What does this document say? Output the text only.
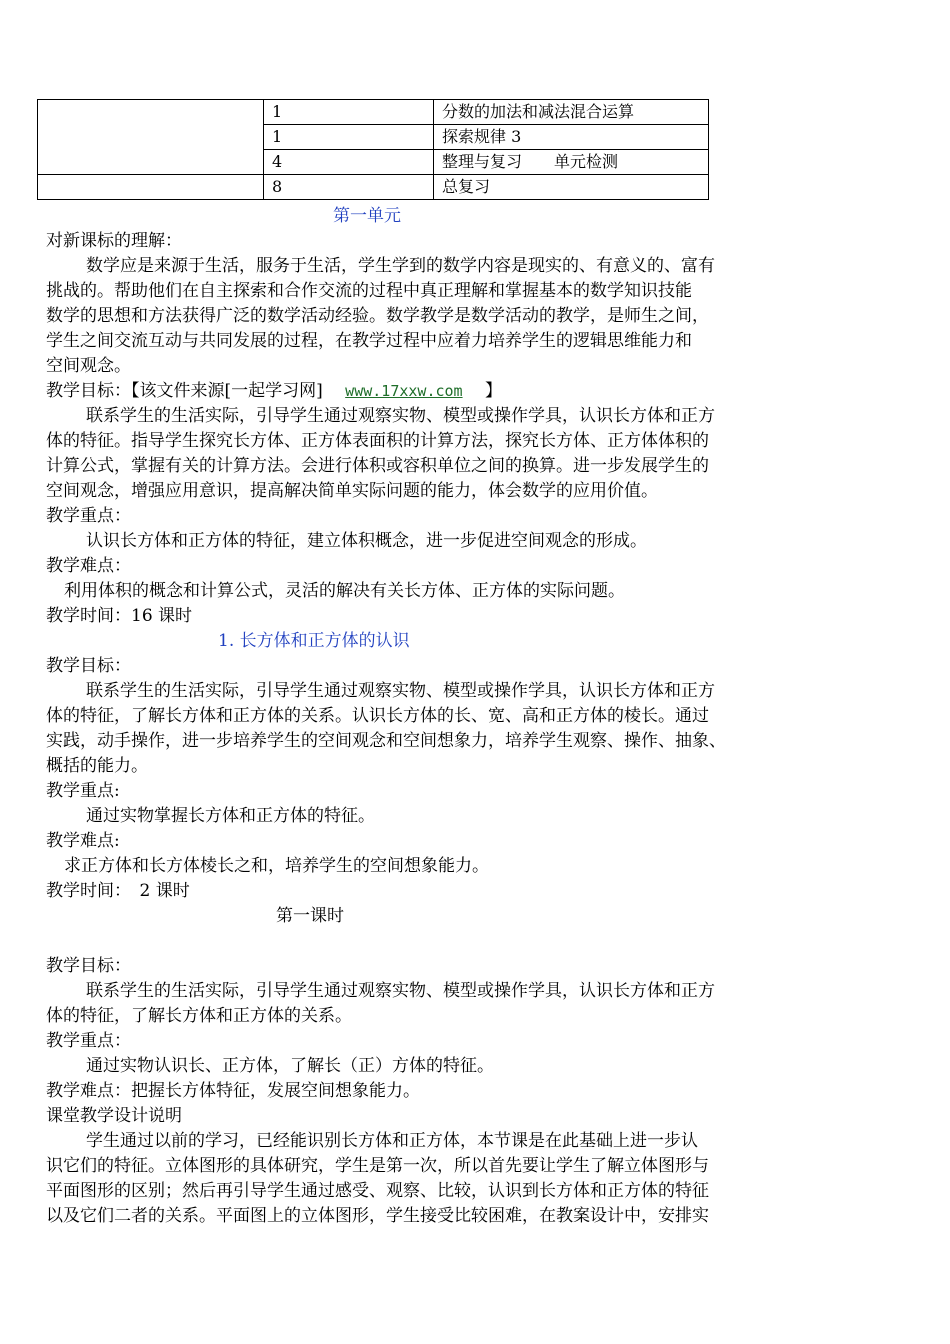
	1	分数的加法和减法混合运算
	1	探索规律 3
	4	整理与复习　　单元检测
	8	总复习
第一单元
对新课标的理解：
数学应是来源于生活，服务于生活，学生学到的数学内容是现实的、有意义的、富有
挑战的。帮助他们在自主探索和合作交流的过程中真正理解和掌握基本的数学知识技能
数学的思想和方法获得广泛的数学活动经验。数学教学是数学活动的教学，是师生之间，
学生之间交流互动与共同发展的过程，在教学过程中应着力培养学生的逻辑思维能力和
空间观念。
教学目标：【该文件来源[一起学习网]　 www.17xxw.com　 】
联系学生的生活实际，引导学生通过观察实物、模型或操作学具，认识长方体和正方
体的特征。指导学生探究长方体、正方体表面积的计算方法，探究长方体、正方体体积的
计算公式，掌握有关的计算方法。会进行体积或容积单位之间的换算。进一步发展学生的
空间观念，增强应用意识，提高解决简单实际问题的能力，体会数学的应用价值。
教学重点：
认识长方体和正方体的特征，建立体积概念，进一步促进空间观念的形成。
教学难点：
利用体积的概念和计算公式，灵活的解决有关长方体、正方体的实际问题。
教学时间：16 课时
1. 长方体和正方体的认识
教学目标：
联系学生的生活实际，引导学生通过观察实物、模型或操作学具，认识长方体和正方
体的特征，了解长方体和正方体的关系。认识长方体的长、宽、高和正方体的棱长。通过
实践，动手操作，进一步培养学生的空间观念和空间想象力，培养学生观察、操作、抽象、
概括的能力。
教学重点:
通过实物掌握长方体和正方体的特征。
教学难点:
求正方体和长方体棱长之和，培养学生的空间想象能力。
教学时间：　2 课时
第一课时
教学目标：
联系学生的生活实际，引导学生通过观察实物、模型或操作学具，认识长方体和正方
体的特征，了解长方体和正方体的关系。
教学重点：
通过实物认识长、正方体，了解长（正）方体的特征。
教学难点：把握长方体特征，发展空间想象能力。
课堂教学设计说明
学生通过以前的学习，已经能识别长方体和正方体，本节课是在此基础上进一步认
识它们的特征。立体图形的具体研究，学生是第一次，所以首先要让学生了解立体图形与
平面图形的区别；然后再引导学生通过感受、观察、比较，认识到长方体和正方体的特征
以及它们二者的关系。平面图上的立体图形，学生接受比较困难，在教案设计中，安排实
